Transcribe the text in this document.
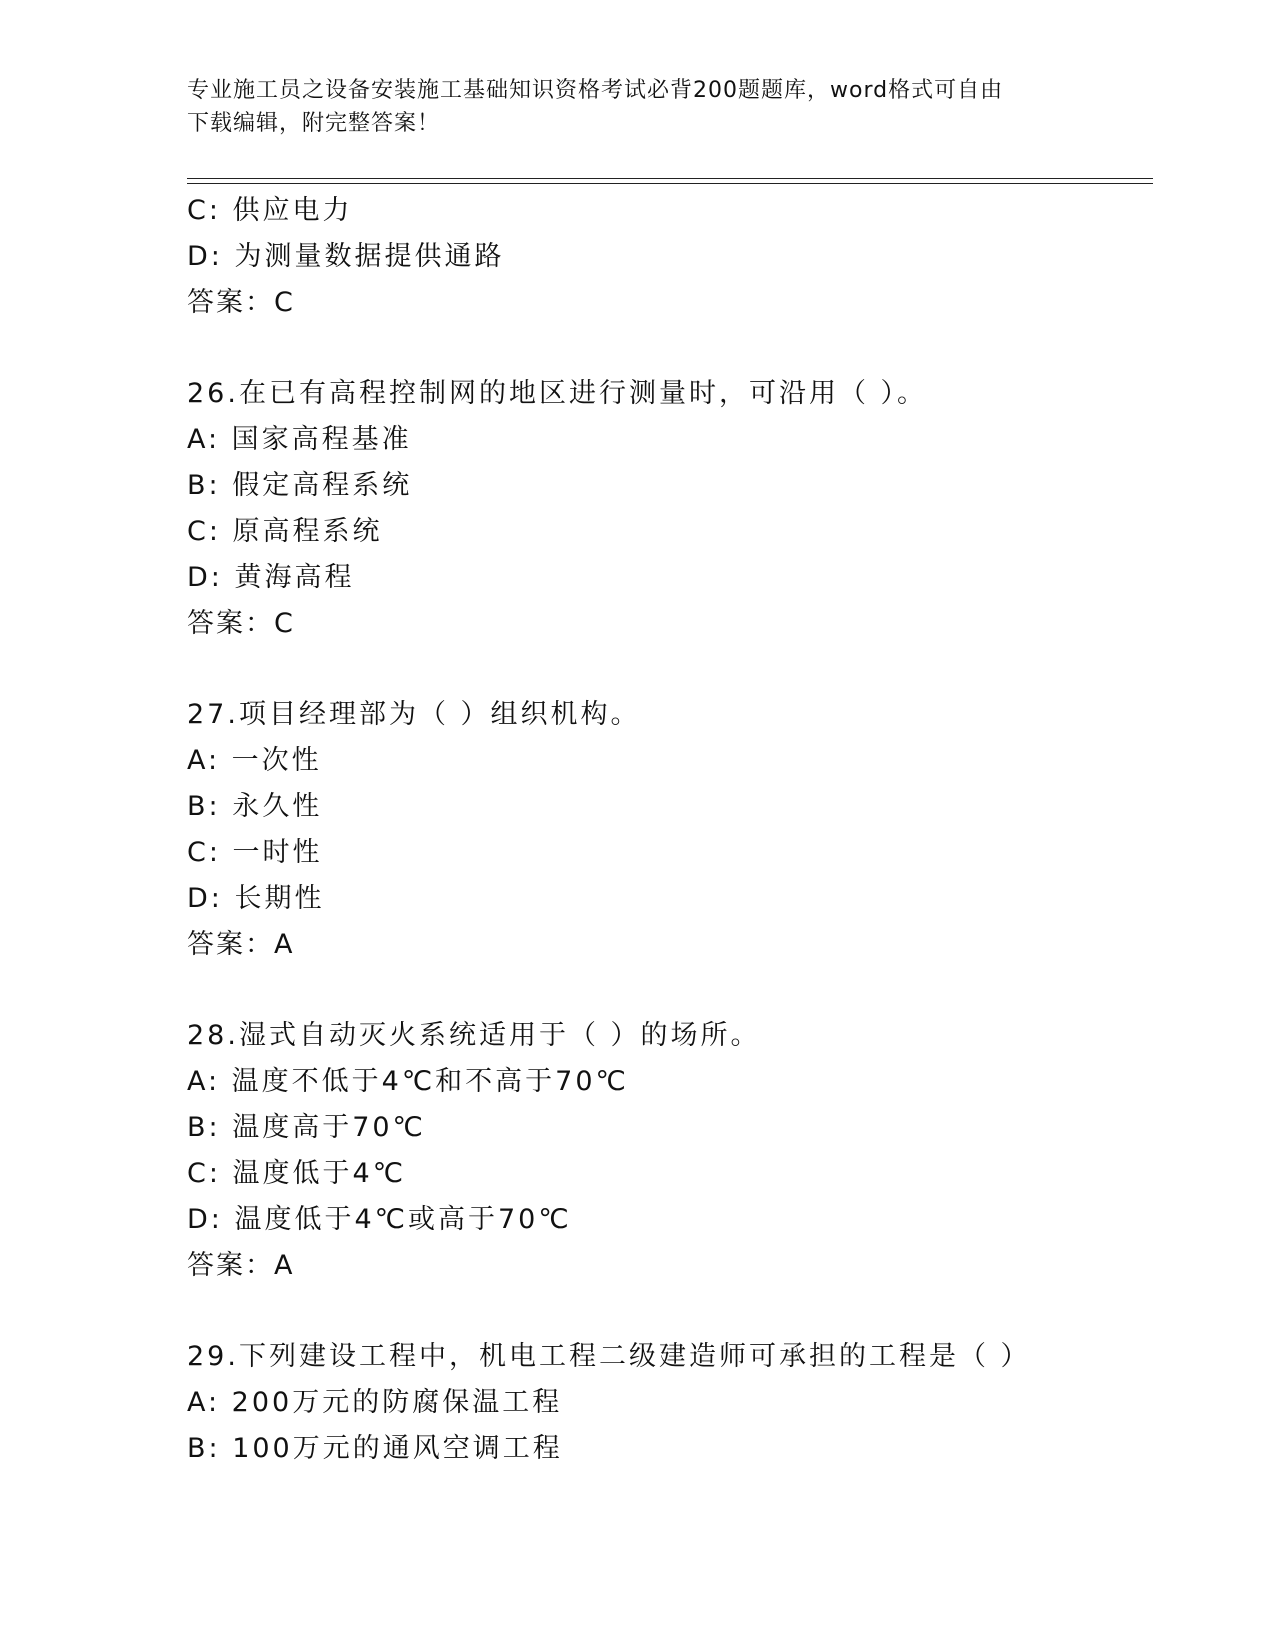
专业施工员之设备安装施工基础知识资格考试必背200题题库，word格式可自由
下载编辑，附完整答案！
C: 供应电力
D: 为测量数据提供通路
答案：C
26.在已有高程控制网的地区进行测量时，可沿用（ ）。
A: 国家高程基准
B: 假定高程系统
C: 原高程系统
D: 黄海高程
答案：C
27.项目经理部为（ ）组织机构。
A: 一次性
B: 永久性
C: 一时性
D: 长期性
答案：A
28.湿式自动灭火系统适用于（ ）的场所。
A: 温度不低于4℃和不高于70℃
B: 温度高于70℃
C: 温度低于4℃
D: 温度低于4℃或高于70℃
答案：A
29.下列建设工程中，机电工程二级建造师可承担的工程是（ ）
A: 200万元的防腐保温工程
B: 100万元的通风空调工程
